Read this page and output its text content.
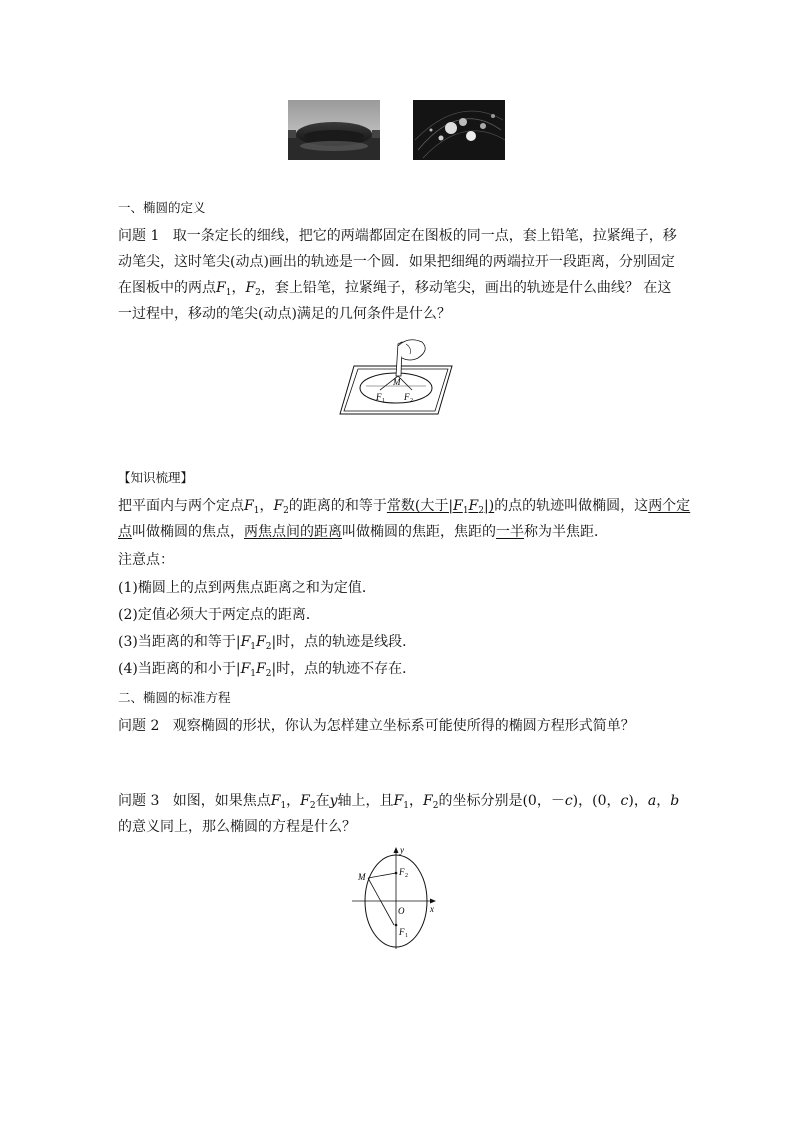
一、椭圆的定义
问题 1 取一条定长的细线，把它的两端都固定在图板的同一点，套上铅笔，拉紧绳子，移
动笔尖，这时笔尖(动点)画出的轨迹是一个圆．如果把细绳的两端拉开一段距离，分别固定
在图板中的两点$F_1$，$F_2$，套上铅笔，拉紧绳子，移动笔尖，画出的轨迹是什么曲线？ 在这
一过程中，移动的笔尖(动点)满足的几何条件是什么？
M
F 1 F 2
【知识梳理】
把平面内与两个定点$F_1$，$F_2$的距离的和等于常数(大于$|F_1F_2|$)的点的轨迹叫做椭圆，这两个定
点叫做椭圆的焦点，两焦点间的距离叫做椭圆的焦距，焦距的一半称为半焦距．
注意点：
(1)椭圆上的点到两焦点距离之和为定值．
(2)定值必须大于两定点的距离．
(3)当距离的和等于$|F_1F_2|$时，点的轨迹是线段．
(4)当距离的和小于$|F_1F_2|$时，点的轨迹不存在．
二、椭圆的标准方程
问题 2 观察椭圆的形状，你认为怎样建立坐标系可能使所得的椭圆方程形式简单？
问题 3 如图，如果焦点$F_1$，$F_2$在y轴上，且$F_1$，$F_2$的坐标分别是(0，－c)，(0，c)，a，b
的意义同上，那么椭圆的方程是什么？
y
x
O
M	F 2
F 1
